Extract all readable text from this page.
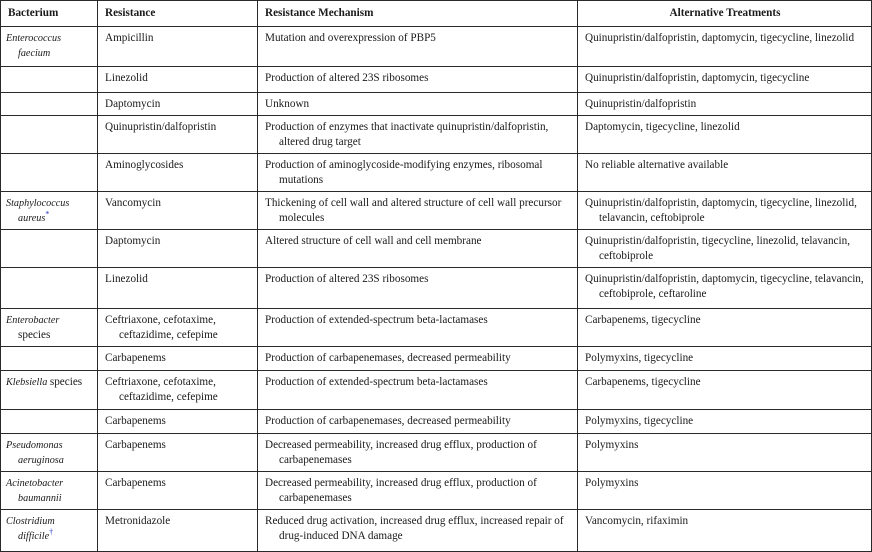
Bacterium	Resistance	Resistance Mechanism	Alternative Treatments

Enterococcus faecium	Ampicillin	Mutation and overexpression of PBP5	Quinupristin/dalfopristin, daptomycin, tigecycline, linezolid

	Linezolid	Production of altered 23S ribosomes	Quinupristin/dalfopristin, daptomycin, tigecycline

	Daptomycin	Unknown	Quinupristin/dalfopristin

	Quinupristin/dalfopristin	Production of enzymes that inactivate quinupristin/dalfopristin, altered drug target	Daptomycin, tigecycline, linezolid

	Aminoglycosides	Production of aminoglycoside-modifying enzymes, ribosomal mutations	No reliable alternative available

Staphylococcus aureus*	Vancomycin	Thickening of cell wall and altered structure of cell wall precursor molecules	Quinupristin/dalfopristin, daptomycin, tigecycline, linezolid, telavancin, ceftobiprole

	Daptomycin	Altered structure of cell wall and cell membrane	Quinupristin/dalfopristin, tigecycline, linezolid, telavancin, ceftobiprole

	Linezolid	Production of altered 23S ribosomes	Quinupristin/dalfopristin, daptomycin, tigecycline, telavancin, ceftobiprole, ceftaroline

Enterobacter species	Ceftriaxone, cefotaxime, ceftazidime, cefepime	Production of extended-spectrum beta-lactamases	Carbapenems, tigecycline

	Carbapenems	Production of carbapenemases, decreased permeability	Polymyxins, tigecycline

Klebsiella species	Ceftriaxone, cefotaxime, ceftazidime, cefepime	Production of extended-spectrum beta-lactamases	Carbapenems, tigecycline

	Carbapenems	Production of carbapenemases, decreased permeability	Polymyxins, tigecycline

Pseudomonas aeruginosa	Carbapenems	Decreased permeability, increased drug efflux, production of carbapenemases	Polymyxins

Acinetobacter baumannii	Carbapenems	Decreased permeability, increased drug efflux, production of carbapenemases	Polymyxins

Clostridium difficile†	Metronidazole	Reduced drug activation, increased drug efflux, increased repair of drug-induced DNA damage	Vancomycin, rifaximin
